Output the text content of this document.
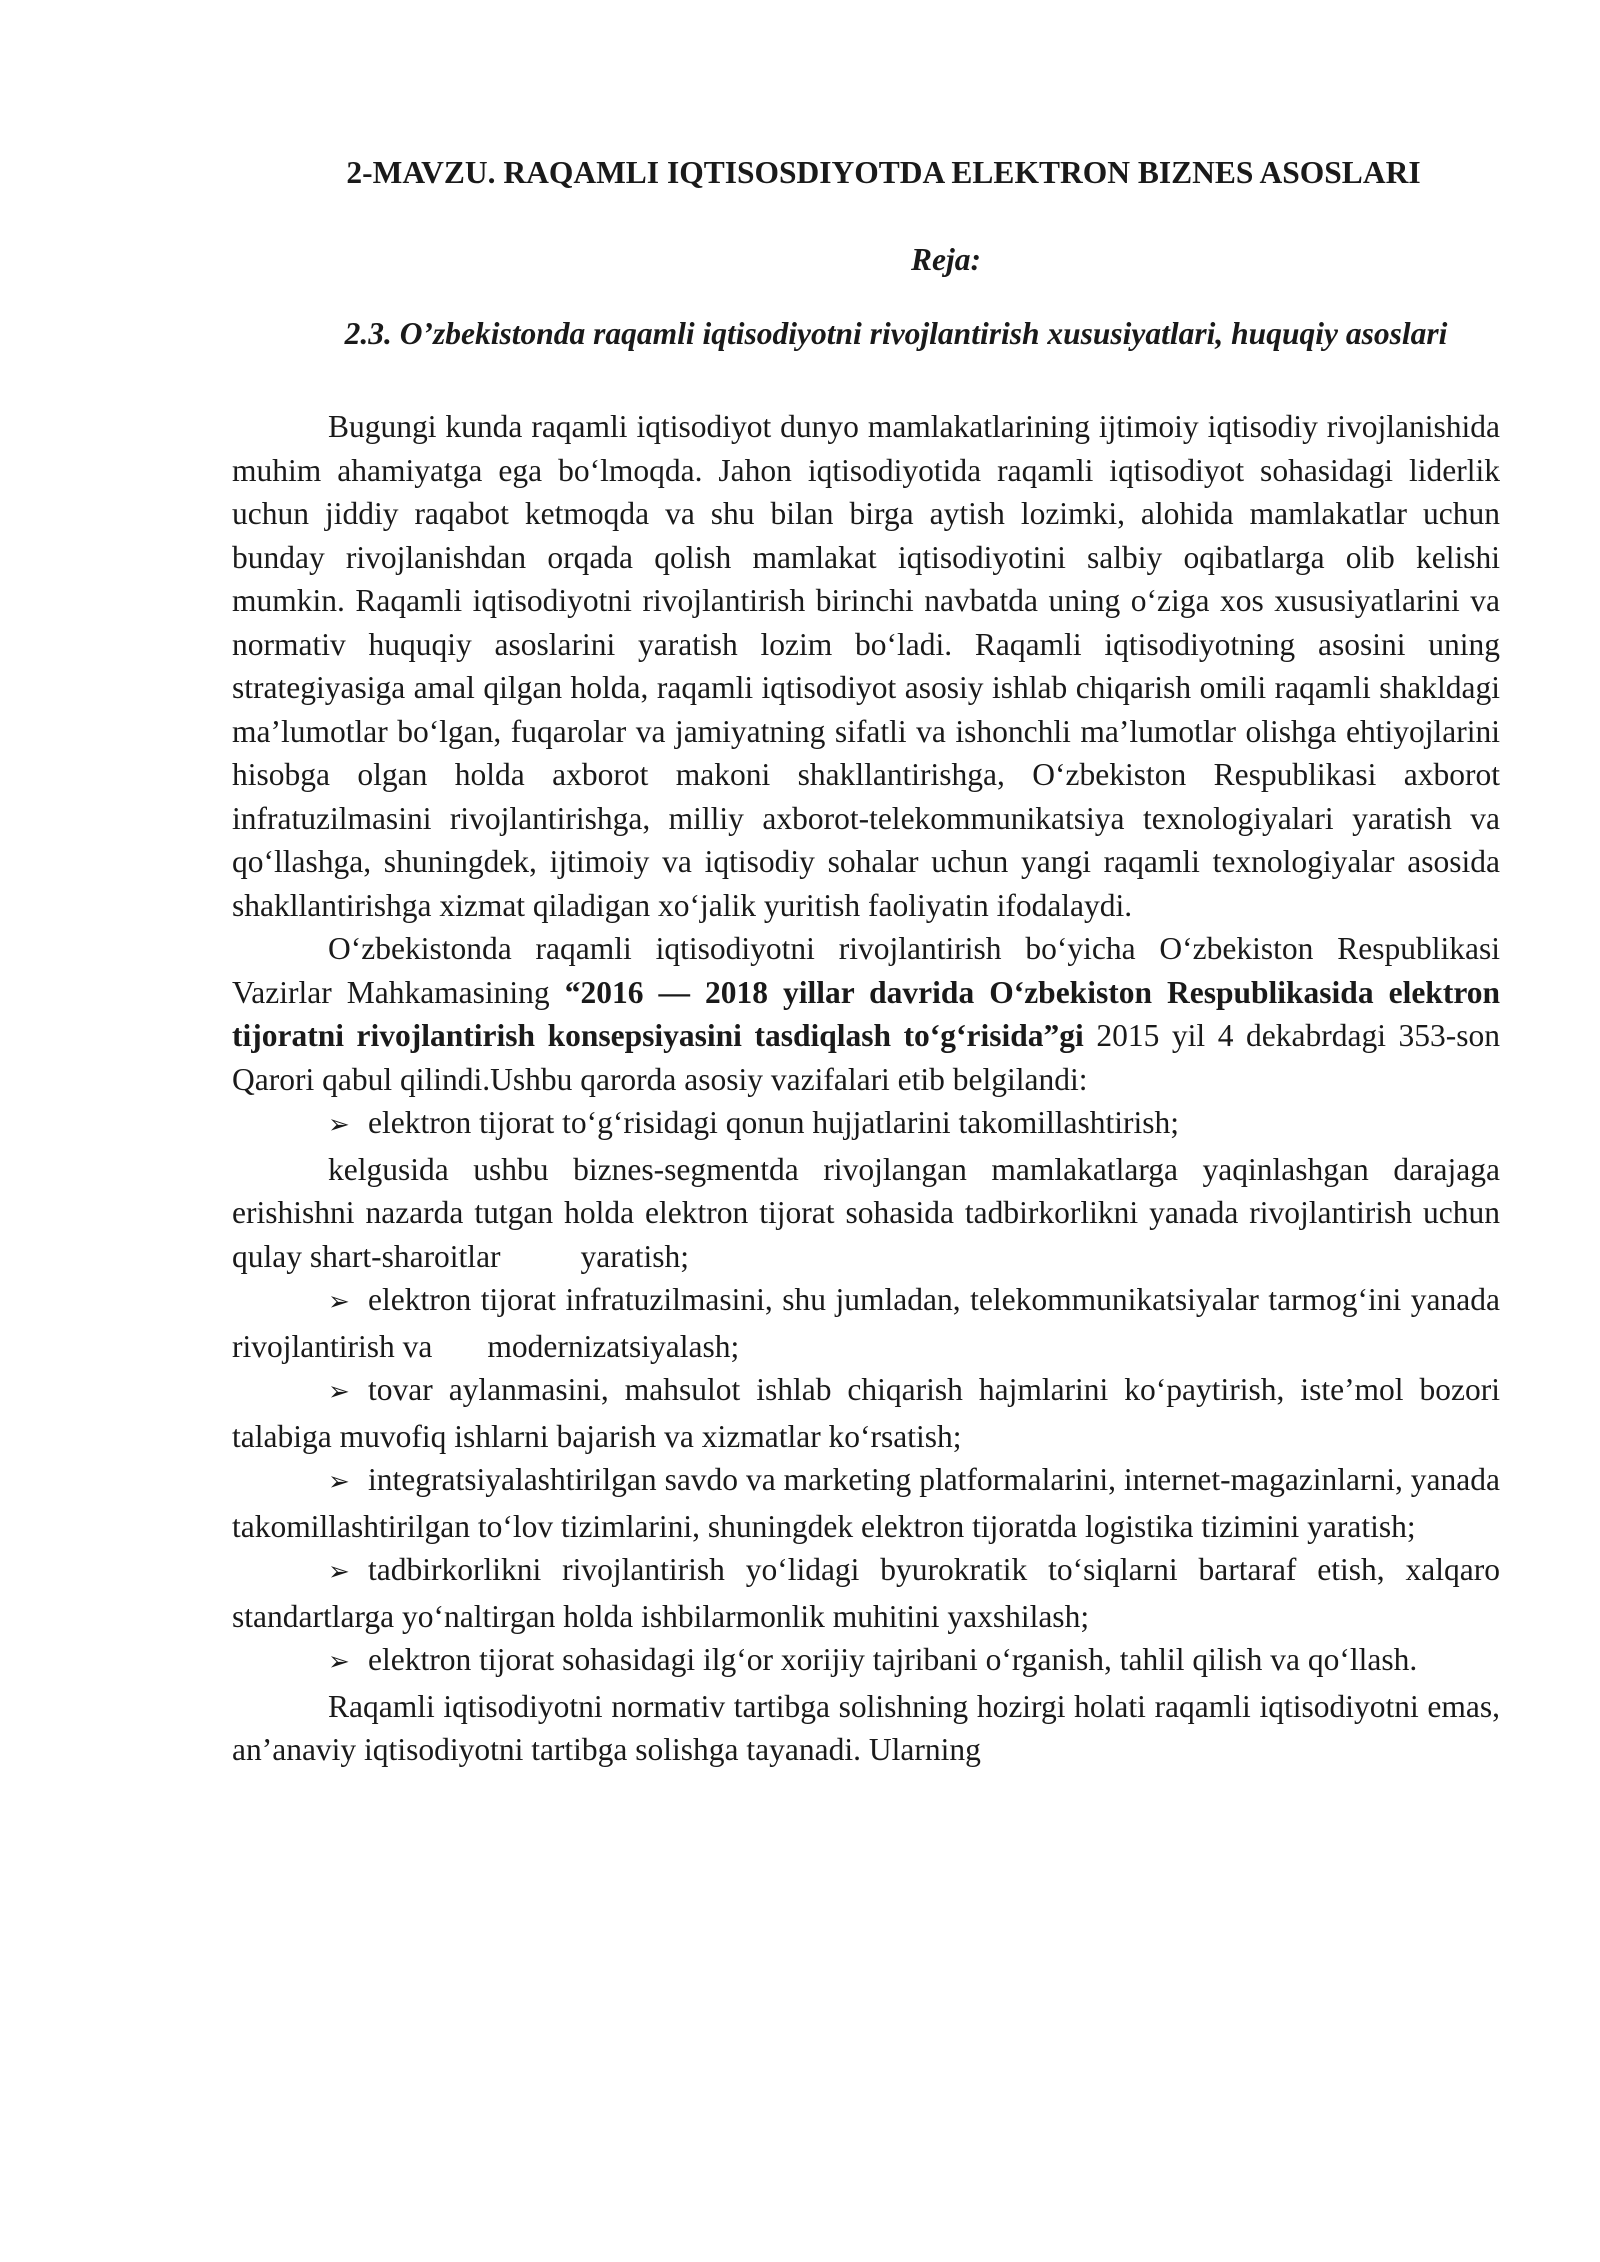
2-MAVZU. RAQAMLI IQTISOSDIYOTDA ELEKTRON BIZNES ASOSLARI
Reja:
2.3. O’zbekistonda raqamli iqtisodiyotni rivojlantirish xususiyatlari, huquqiy asoslari

Bugungi kunda raqamli iqtisodiyot dunyo mamlakatlarining ijtimoiy iqtisodiy rivojlanishida muhim ahamiyatga ega bo‘lmoqda. Jahon iqtisodiyotida raqamli iqtisodiyot sohasidagi liderlik uchun jiddiy raqabot ketmoqda va shu bilan birga aytish lozimki, alohida mamlakatlar uchun bunday rivojlanishdan orqada qolish mamlakat iqtisodiyotini salbiy oqibatlarga olib kelishi mumkin. Raqamli iqtisodiyotni rivojlantirish birinchi navbatda uning o‘ziga xos xususiyatlarini va normativ huquqiy asoslarini yaratish lozim bo‘ladi. Raqamli iqtisodiyotning asosini uning strategiyasiga amal qilgan holda, raqamli iqtisodiyot asosiy ishlab chiqarish omili raqamli shakldagi ma’lumotlar bo‘lgan, fuqarolar va jamiyatning sifatli va ishonchli ma’lumotlar olishga ehtiyojlarini hisobga olgan holda axborot makoni shakllantirishga, O‘zbekiston Respublikasi axborot infratuzilmasini rivojlantirishga, milliy axborot-telekommunikatsiya texnologiyalari yaratish va qo‘llashga, shuningdek, ijtimoiy va iqtisodiy sohalar uchun yangi raqamli texnologiyalar asosida shakllantirishga xizmat qiladigan xo‘jalik yuritish faoliyatin ifodalaydi.

O‘zbekistonda raqamli iqtisodiyotni rivojlantirish bo‘yicha O‘zbekiston Respublikasi Vazirlar Mahkamasining “2016 — 2018 yillar davrida O‘zbekiston Respublikasida elektron tijoratni rivojlantirish konsepsiyasini tasdiqlash to‘g‘risida”gi 2015 yil 4 dekabrdagi 353-son Qarori qabul qilindi.Ushbu qarorda asosiy vazifalari etib belgilandi:

➢ elektron tijorat to‘g‘risidagi qonun hujjatlarini takomillashtirish;

kelgusida ushbu biznes-segmentda rivojlangan mamlakatlarga yaqinlashgan darajaga erishishni nazarda tutgan holda elektron tijorat sohasida tadbirkorlikni yanada rivojlantirish uchun qulay shart-sharoitlar	yaratish;

➢ elektron tijorat infratuzilmasini, shu jumladan, telekommunikatsiyalar tarmog‘ini yanada rivojlantirish va modernizatsiyalash;

➢ tovar aylanmasini, mahsulot ishlab chiqarish hajmlarini ko‘paytirish, iste’mol bozori talabiga muvofiq ishlarni bajarish va xizmatlar ko‘rsatish;

➢ integratsiyalashtirilgan savdo va marketing platformalarini, internet-magazinlarni, yanada takomillashtirilgan to‘lov tizimlarini, shuningdek elektron tijoratda logistika tizimini yaratish;

➢ tadbirkorlikni rivojlantirish yo‘lidagi byurokratik to‘siqlarni bartaraf etish, xalqaro standartlarga yo‘naltirgan holda ishbilarmonlik muhitini yaxshilash;

➢ elektron tijorat sohasidagi ilg‘or xorijiy tajribani o‘rganish, tahlil qilish va qo‘llash.

Raqamli iqtisodiyotni normativ tartibga solishning hozirgi holati raqamli iqtisodiyotni emas, an’anaviy iqtisodiyotni tartibga solishga tayanadi. Ularning
